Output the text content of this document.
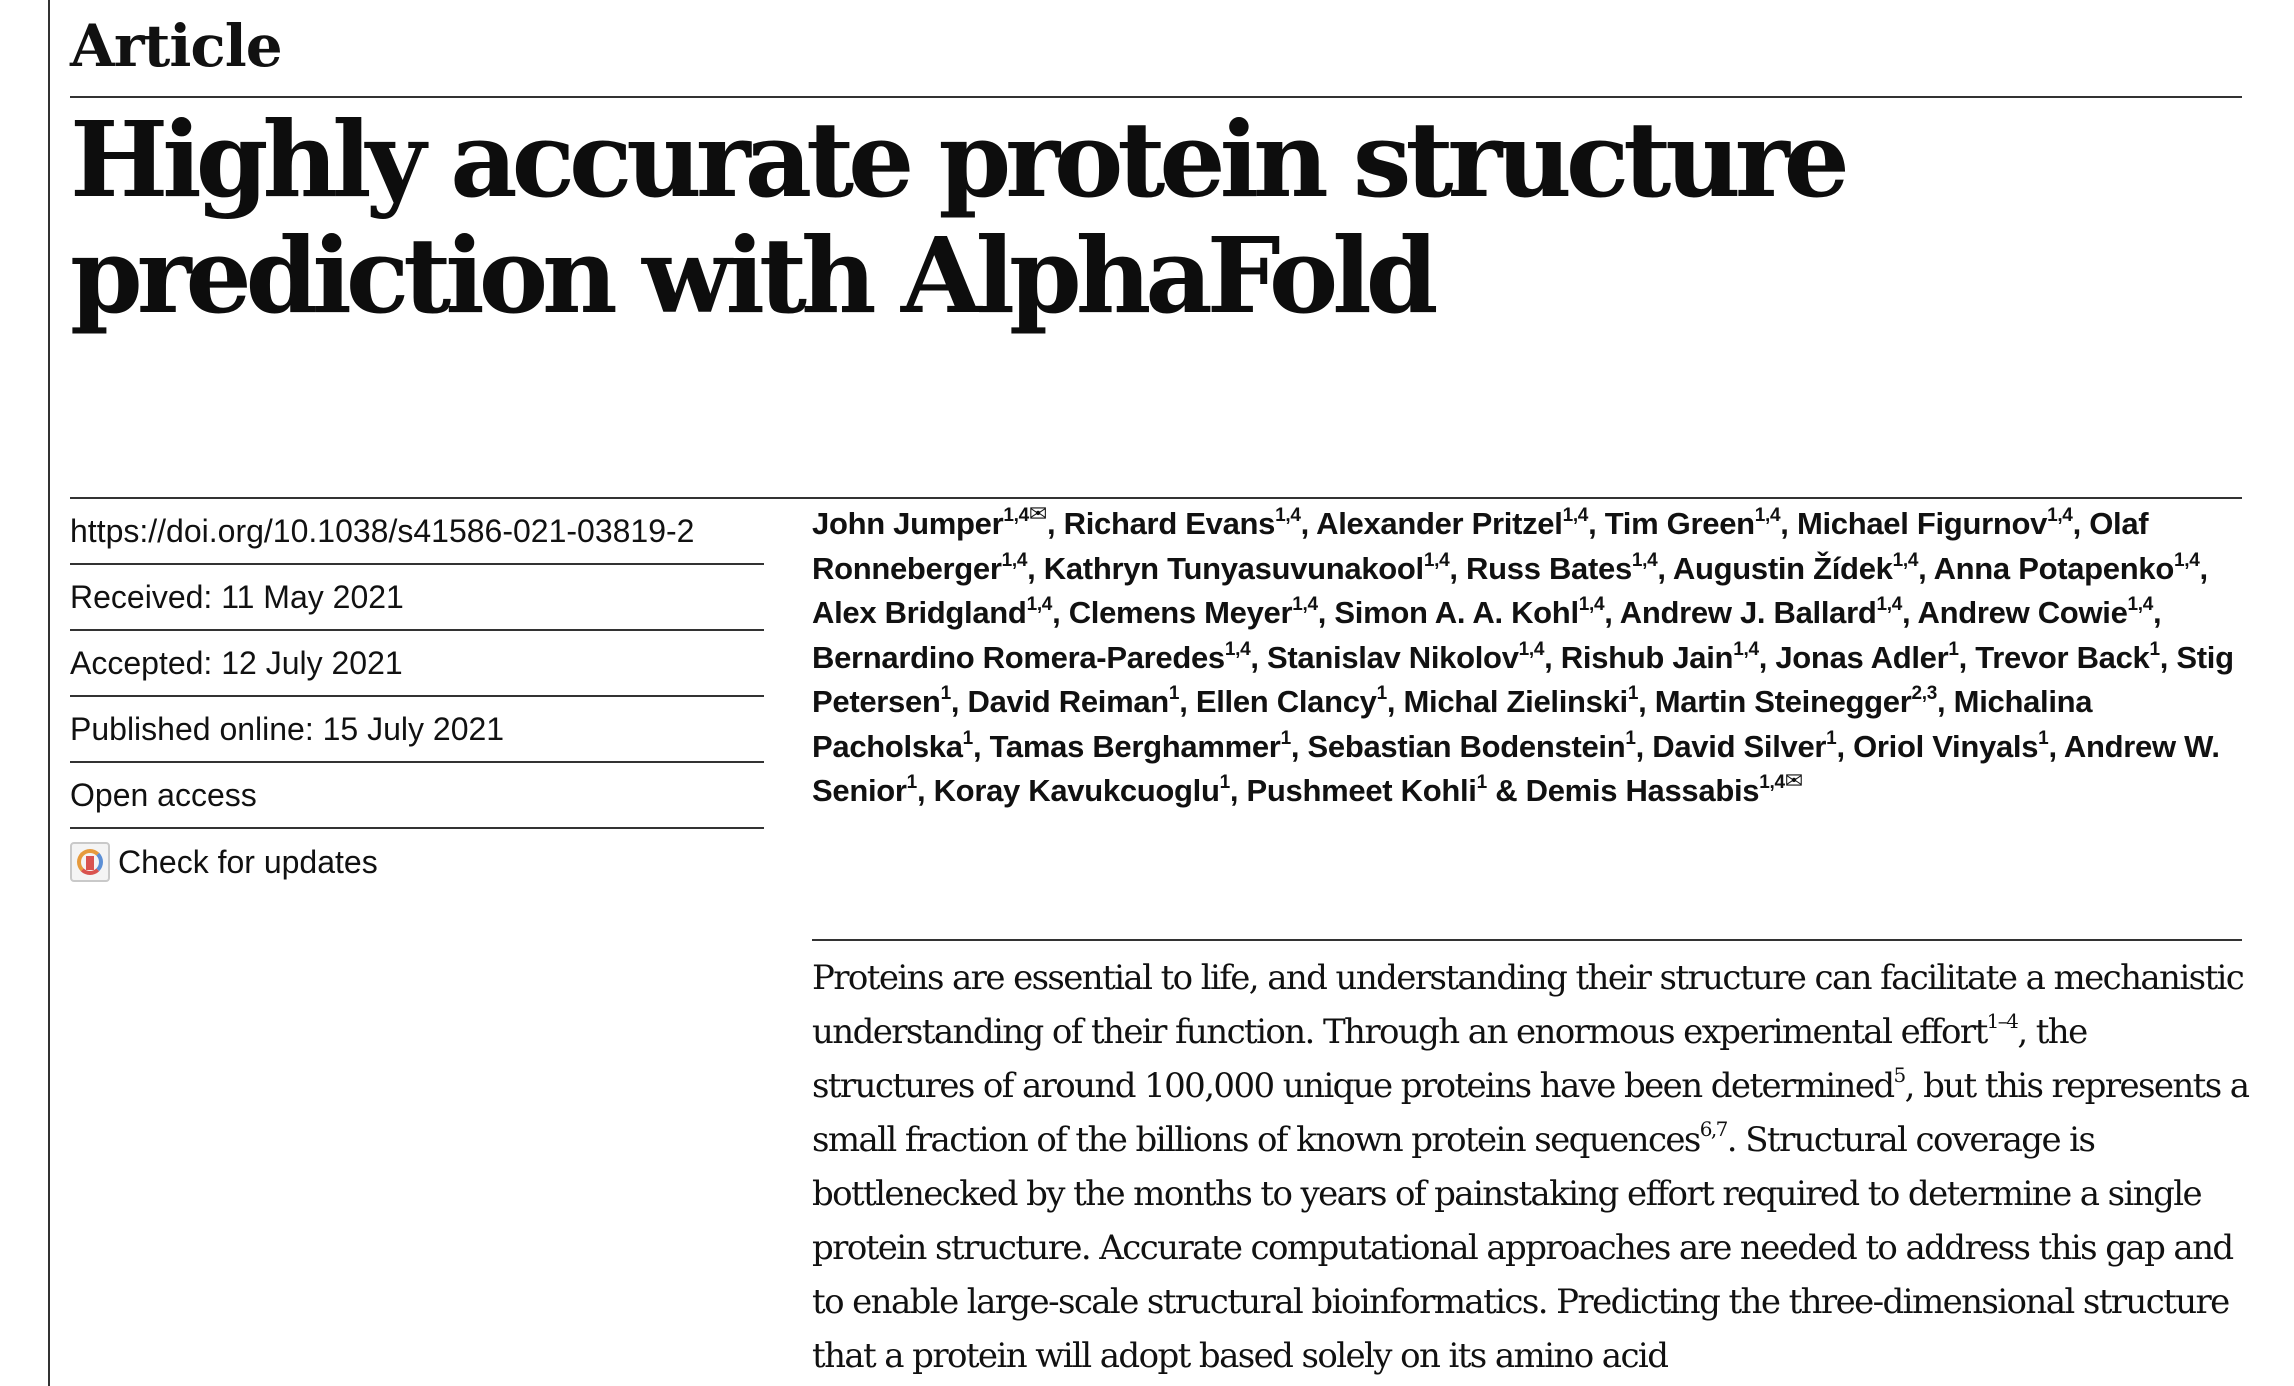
Article
Highly accurate protein structure prediction with AlphaFold
https://doi.org/10.1038/s41586-021-03819-2
Received: 11 May 2021
Accepted: 12 July 2021
Published online: 15 July 2021
Open access
Check for updates
John Jumper$^{1,4✉}$, Richard Evans$^{1,4}$, Alexander Pritzel$^{1,4}$, Tim Green$^{1,4}$, Michael Figurnov$^{1,4}$, Olaf Ronneberger$^{1,4}$, Kathryn Tunyasuvunakool$^{1,4}$, Russ Bates$^{1,4}$, Augustin Žídek$^{1,4}$, Anna Potapenko$^{1,4}$, Alex Bridgland$^{1,4}$, Clemens Meyer$^{1,4}$, Simon A. A. Kohl$^{1,4}$, Andrew J. Ballard$^{1,4}$, Andrew Cowie$^{1,4}$, Bernardino Romera-Paredes$^{1,4}$, Stanislav Nikolov$^{1,4}$, Rishub Jain$^{1,4}$, Jonas Adler$^1$, Trevor Back$^1$, Stig Petersen$^1$, David Reiman$^1$, Ellen Clancy$^1$, Michal Zielinski$^1$, Martin Steinegger$^{2,3}$, Michalina Pacholska$^1$, Tamas Berghammer$^1$, Sebastian Bodenstein$^1$, David Silver$^1$, Oriol Vinyals$^1$, Andrew W. Senior$^1$, Koray Kavukcuoglu$^1$, Pushmeet Kohli$^1$ & Demis Hassabis$^{1,4✉}$

Proteins are essential to life, and understanding their structure can facilitate a mechanistic understanding of their function. Through an enormous experimental effort$^{1-4}$, the structures of around 100,000 unique proteins have been determined$^5$, but this represents a small fraction of the billions of known protein sequences$^{6,7}$. Structural coverage is bottlenecked by the months to years of painstaking effort required to determine a single protein structure. Accurate computational approaches are needed to address this gap and to enable large-scale structural bioinformatics. Predicting the three-dimensional structure that a protein will adopt based solely on its amino acid
